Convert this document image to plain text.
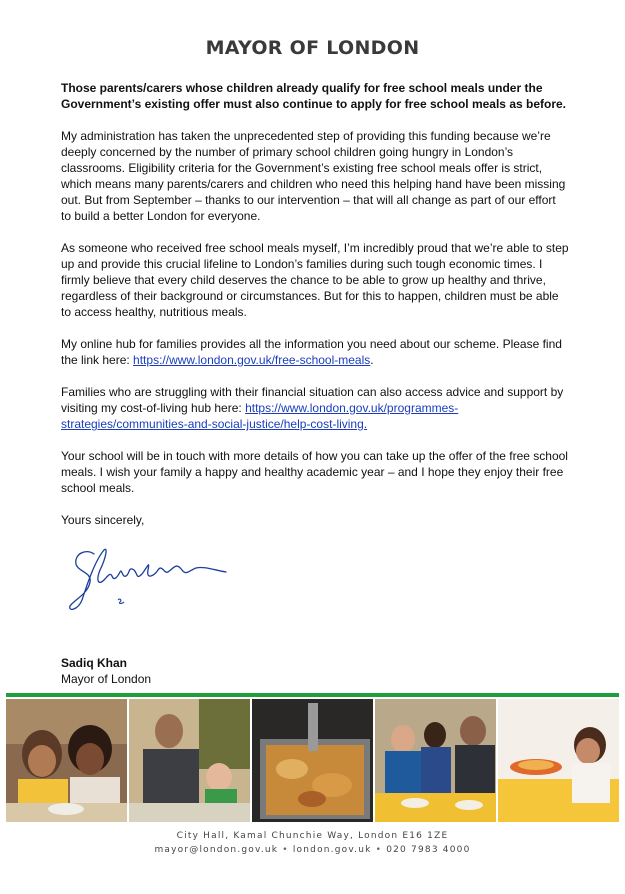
MAYOR OF LONDON

Those parents/carers whose children already qualify for free school meals under the Government’s existing offer must also continue to apply for free school meals as before.

My administration has taken the unprecedented step of providing this funding because we’re deeply concerned by the number of primary school children going hungry in London’s classrooms. Eligibility criteria for the Government’s existing free school meals offer is strict, which means many parents/carers and children who need this helping hand have been missing out. But from September – thanks to our intervention – that will all change as part of our effort to build a better London for everyone.

As someone who received free school meals myself, I’m incredibly proud that we’re able to step up and provide this crucial lifeline to London’s families during such tough economic times. I firmly believe that every child deserves the chance to be able to grow up healthy and thrive, regardless of their background or circumstances. But for this to happen, children must be able to access healthy, nutritious meals.

My online hub for families provides all the information you need about our scheme. Please find the link here: https://www.london.gov.uk/free-school-meals.

Families who are struggling with their financial situation can also access advice and support by visiting my cost-of-living hub here: https://www.london.gov.uk/programmes-strategies/communities-and-social-justice/help-cost-living.

Your school will be in touch with more details of how you can take up the offer of the free school meals. I wish your family a happy and healthy academic year – and I hope they enjoy their free school meals.

Yours sincerely,

Sadiq Khan
Mayor of London
City Hall, Kamal Chunchie Way, London E16 1ZE
mayor@london.gov.uk • london.gov.uk • 020 7983 4000
